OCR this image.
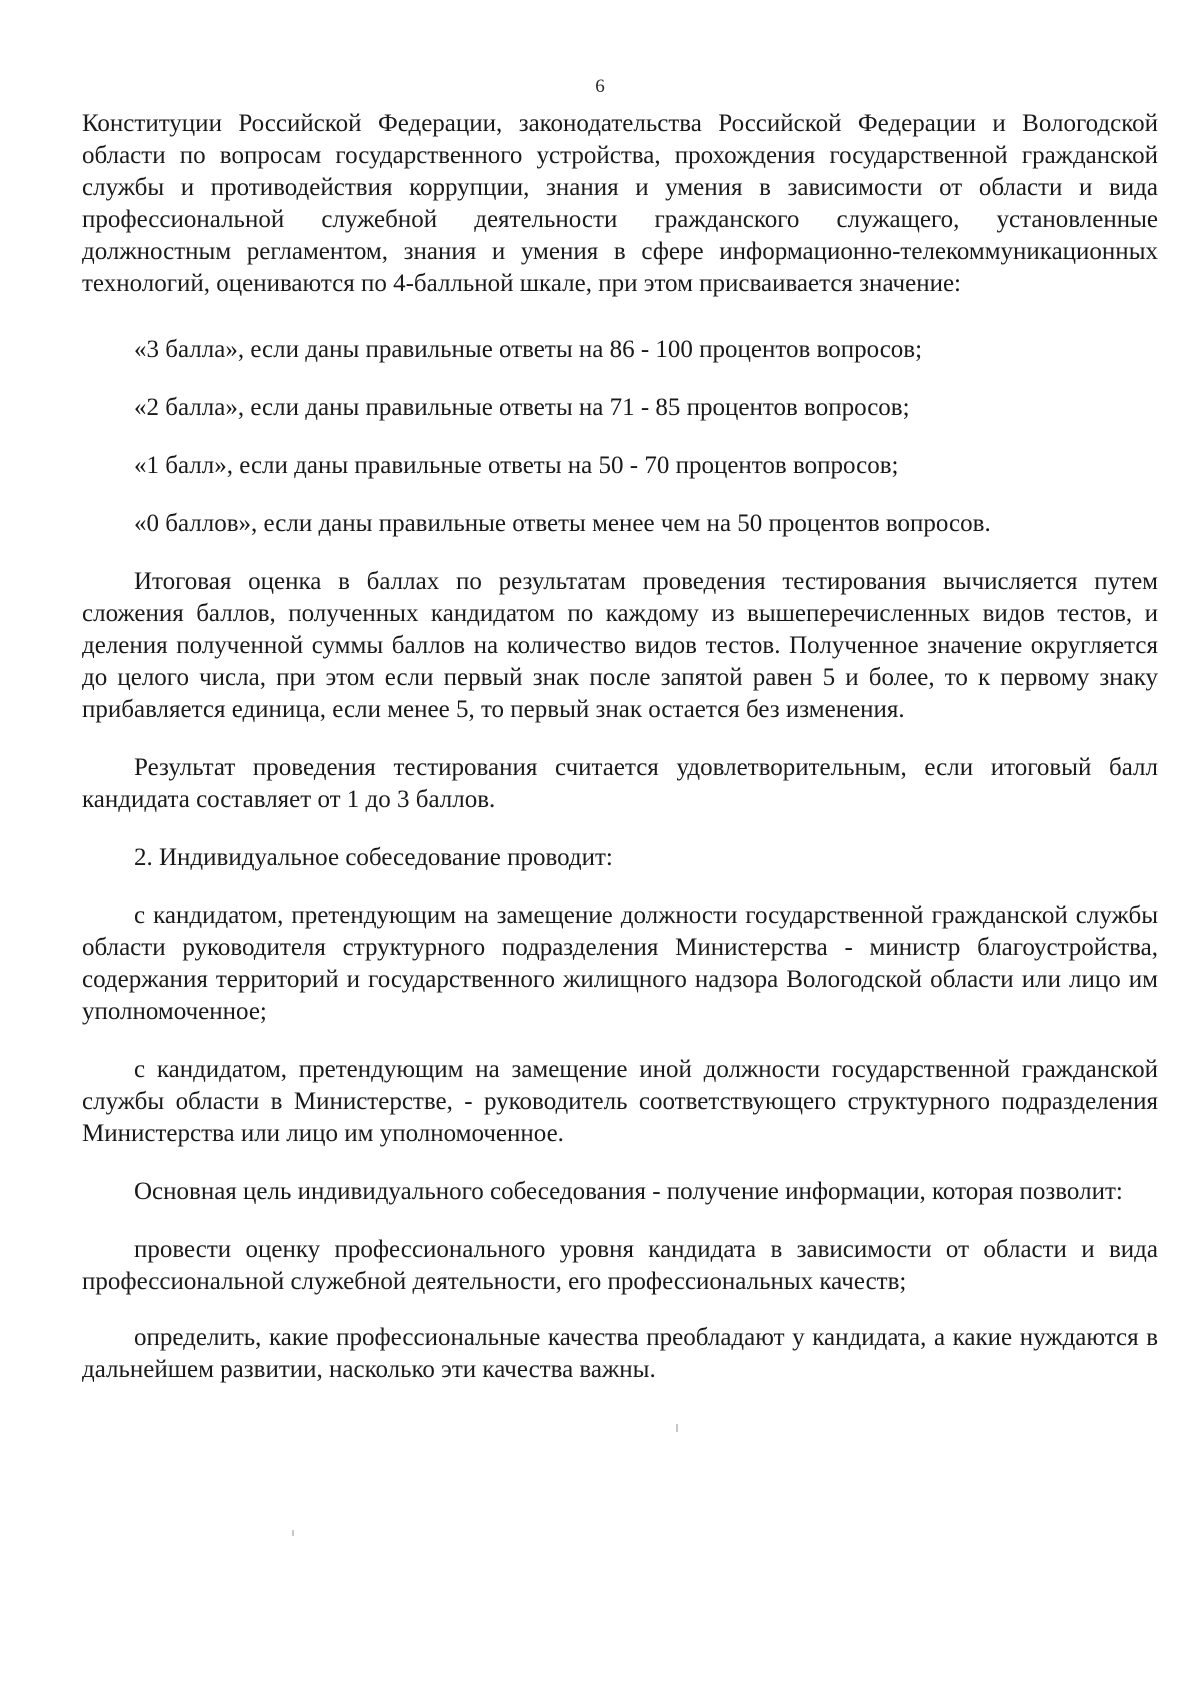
6

Конституции Российской Федерации, законодательства Российской Федерации и Вологодской области по вопросам государственного устройства, прохождения государственной гражданской службы и противодействия коррупции, знания и умения в зависимости от области и вида профессиональной служебной деятельности гражданского служащего, установленные должностным регламентом, знания и умения в сфере информационно-телекоммуникационных технологий, оцениваются по 4-балльной шкале, при этом присваивается значение:

«3 балла», если даны правильные ответы на 86 - 100 процентов вопросов;

«2 балла», если даны правильные ответы на 71 - 85 процентов вопросов;

«1 балл», если даны правильные ответы на 50 - 70 процентов вопросов;

«0 баллов», если даны правильные ответы менее чем на 50 процентов вопросов.

Итоговая оценка в баллах по результатам проведения тестирования вычисляется путем сложения баллов, полученных кандидатом по каждому из вышеперечисленных видов тестов, и деления полученной суммы баллов на количество видов тестов. Полученное значение округляется до целого числа, при этом если первый знак после запятой равен 5 и более, то к первому знаку прибавляется единица, если менее 5, то первый знак остается без изменения.

Результат проведения тестирования считается удовлетворительным, если итоговый балл кандидата составляет от 1 до 3 баллов.

2. Индивидуальное собеседование проводит:

с кандидатом, претендующим на замещение должности государственной гражданской службы области руководителя структурного подразделения Министерства - министр благоустройства, содержания территорий и государственного жилищного надзора Вологодской области или лицо им уполномоченное;

с кандидатом, претендующим на замещение иной должности государственной гражданской службы области в Министерстве, - руководитель соответствующего структурного подразделения Министерства или лицо им уполномоченное.

Основная цель индивидуального собеседования - получение информации, которая позволит:

провести оценку профессионального уровня кандидата в зависимости от области и вида профессиональной служебной деятельности, его профессиональных качеств;

определить, какие профессиональные качества преобладают у кандидата, а какие нуждаются в дальнейшем развитии, насколько эти качества важны.
